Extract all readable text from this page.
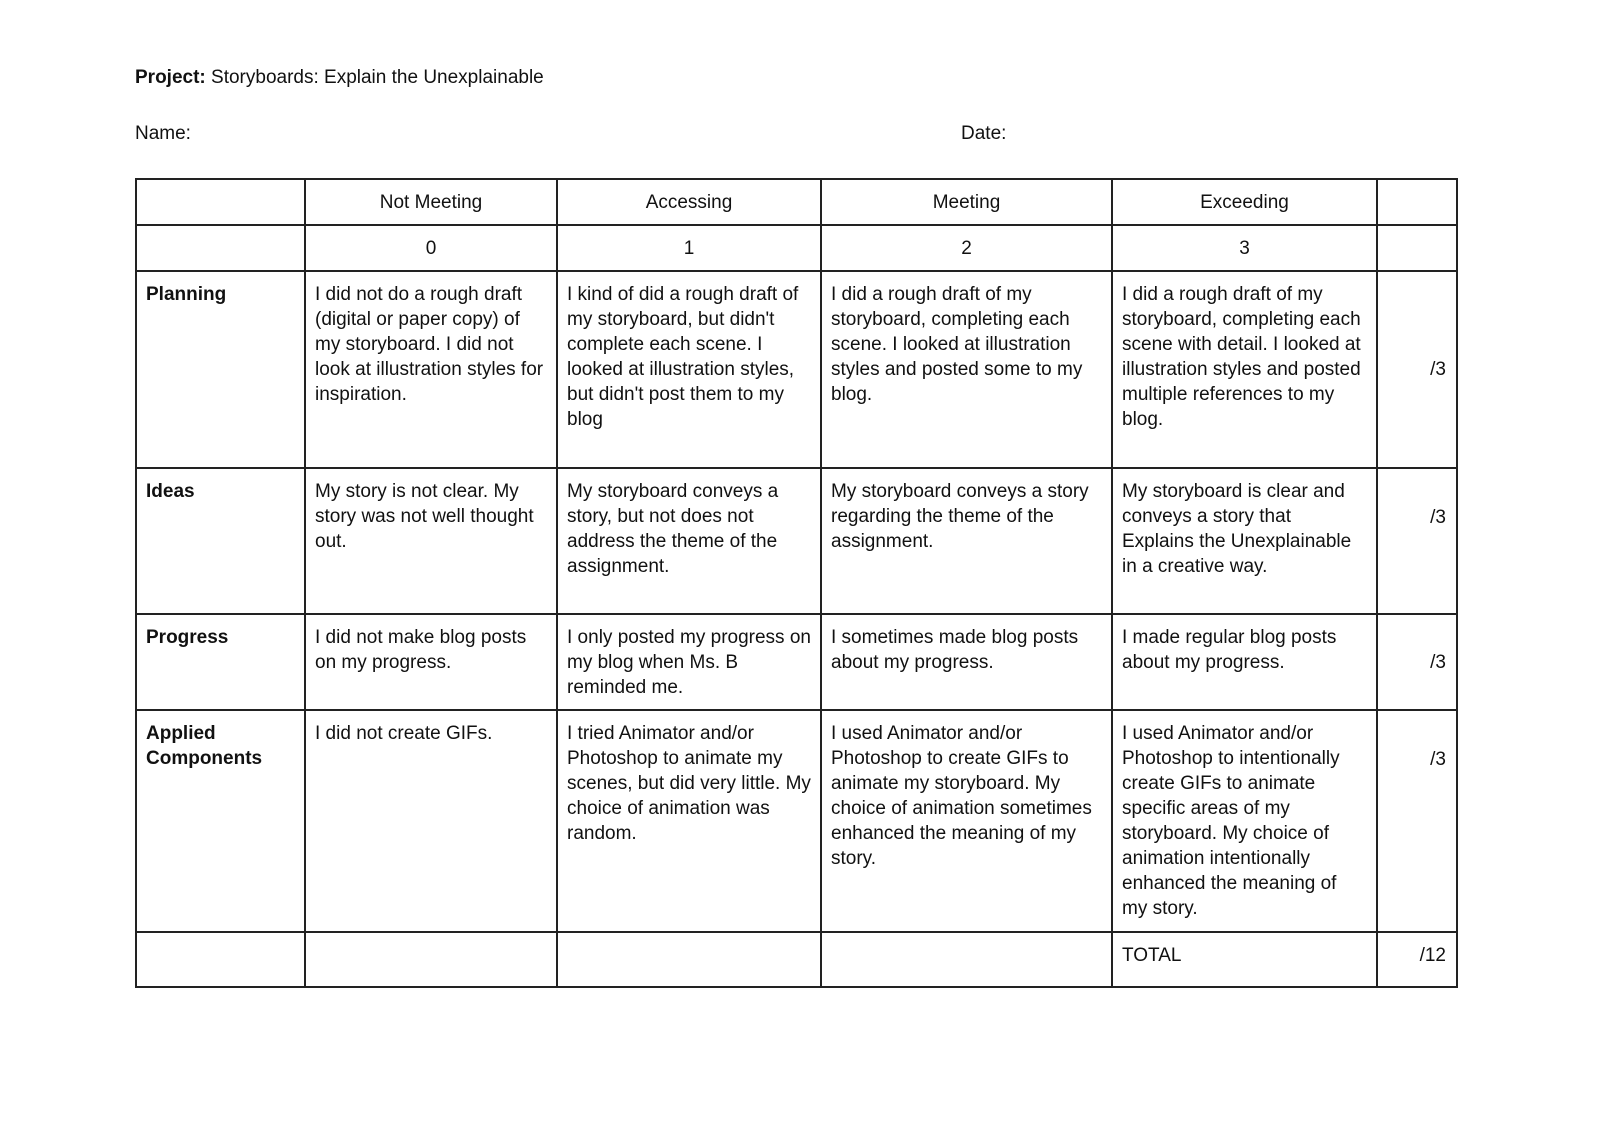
Project: Storyboards: Explain the Unexplainable
Name:	Date:
	Not Meeting	Accessing	Meeting	Exceeding	
	0	1	2	3	
Planning	I did not do a rough draft (digital or paper copy) of my storyboard. I did not look at illustration styles for inspiration.	I kind of did a rough draft of my storyboard, but didn't complete each scene. I looked at illustration styles, but didn't post them to my blog	I did a rough draft of my storyboard, completing each scene. I looked at illustration styles and posted some to my blog.	I did a rough draft of my storyboard, completing each scene with detail. I looked at illustration styles and posted multiple references to my blog.	/3
Ideas	My story is not clear. My story was not well thought out.	My storyboard conveys a story, but not does not address the theme of the assignment.	My storyboard conveys a story regarding the theme of the assignment.	My storyboard is clear and conveys a story that Explains the Unexplainable in a creative way.	/3
Progress	I did not make blog posts on my progress.	I only posted my progress on my blog when Ms. B reminded me.	I sometimes made blog posts about my progress.	I made regular blog posts about my progress.	/3
Applied Components	I did not create GIFs.	I tried Animator and/or Photoshop to animate my scenes, but did very little. My choice of animation was random.	I used Animator and/or Photoshop to create GIFs to animate my storyboard. My choice of animation sometimes enhanced the meaning of my story.	I used Animator and/or Photoshop to intentionally create GIFs to animate specific areas of my storyboard. My choice of animation intentionally enhanced the meaning of my story.	/3
				TOTAL	/12
